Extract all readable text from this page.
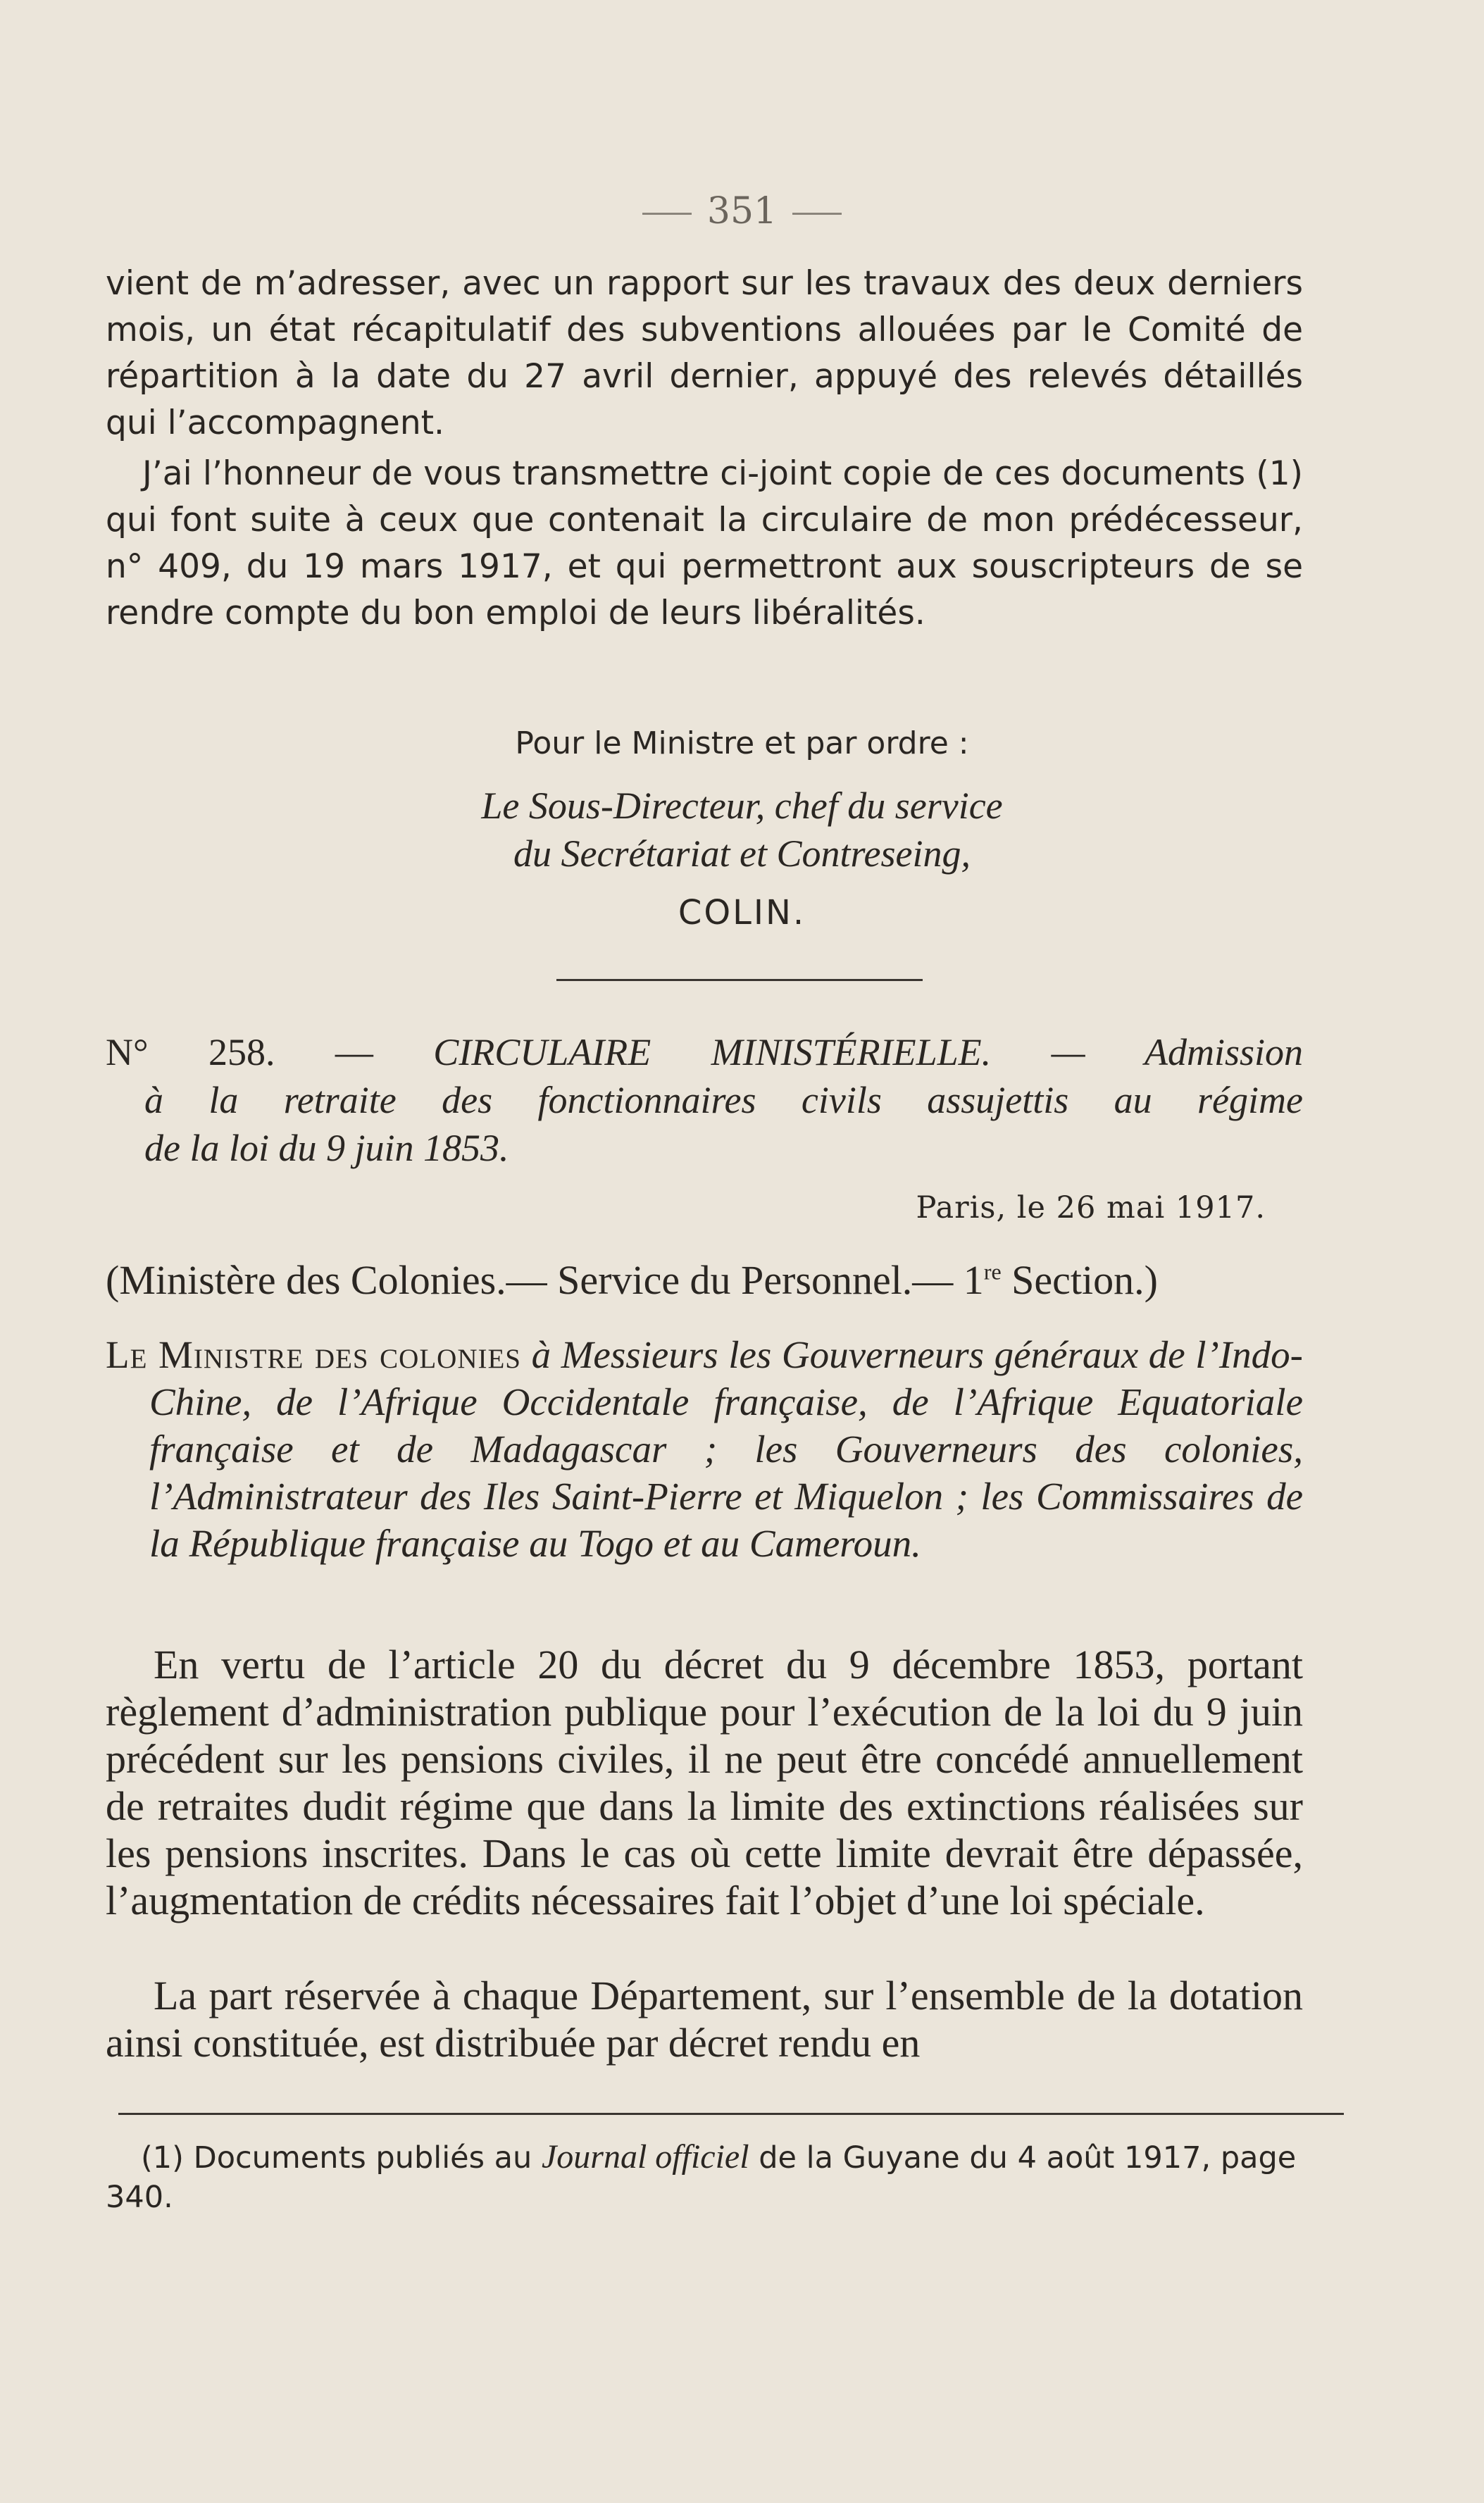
351
vient de m’adresser, avec un rapport sur les travaux des deux derniers mois, un état récapitulatif des subventions allouées par le Comité de répartition à la date du 27 avril dernier, appuyé des relevés détaillés qui l’accompagnent.
J’ai l’honneur de vous transmettre ci-joint copie de ces documents (1) qui font suite à ceux que contenait la circulaire de mon prédécesseur, n° 409, du 19 mars 1917, et qui permettront aux souscripteurs de se rendre compte du bon emploi de leurs libéralités.
Pour le Ministre et par ordre :
Le Sous-Directeur, chef du service
du Secrétariat et Contreseing,
COLIN.
N° 258. — CIRCULAIRE MINISTÉRIELLE. — Admission
à la retraite des fonctionnaires civils assujettis au régime
de la loi du 9 juin 1853.
Paris, le 26 mai 1917.
(Ministère des Colonies.— Service du Personnel.— 1re Section.)
Le Ministre des colonies à Messieurs les Gouverneurs généraux de l’Indo-Chine, de l’Afrique Occidentale française, de l’Afrique Equatoriale française et de Madagascar ; les Gouverneurs des colonies, l’Administrateur des Iles Saint-Pierre et Miquelon ; les Commissaires de la République française au Togo et au Cameroun.
En vertu de l’article 20 du décret du 9 décembre 1853, portant règlement d’administration publique pour l’exécution de la loi du 9 juin précédent sur les pensions civiles, il ne peut être concédé annuellement de retraites dudit régime que dans la limite des extinctions réalisées sur les pensions inscrites. Dans le cas où cette limite devrait être dépassée, l’augmentation de crédits nécessaires fait l’objet d’une loi spéciale.
La part réservée à chaque Département, sur l’ensemble de la dotation ainsi constituée, est distribuée par décret rendu en
(1) Documents publiés au Journal officiel de la Guyane du 4 août 1917, page 340.
